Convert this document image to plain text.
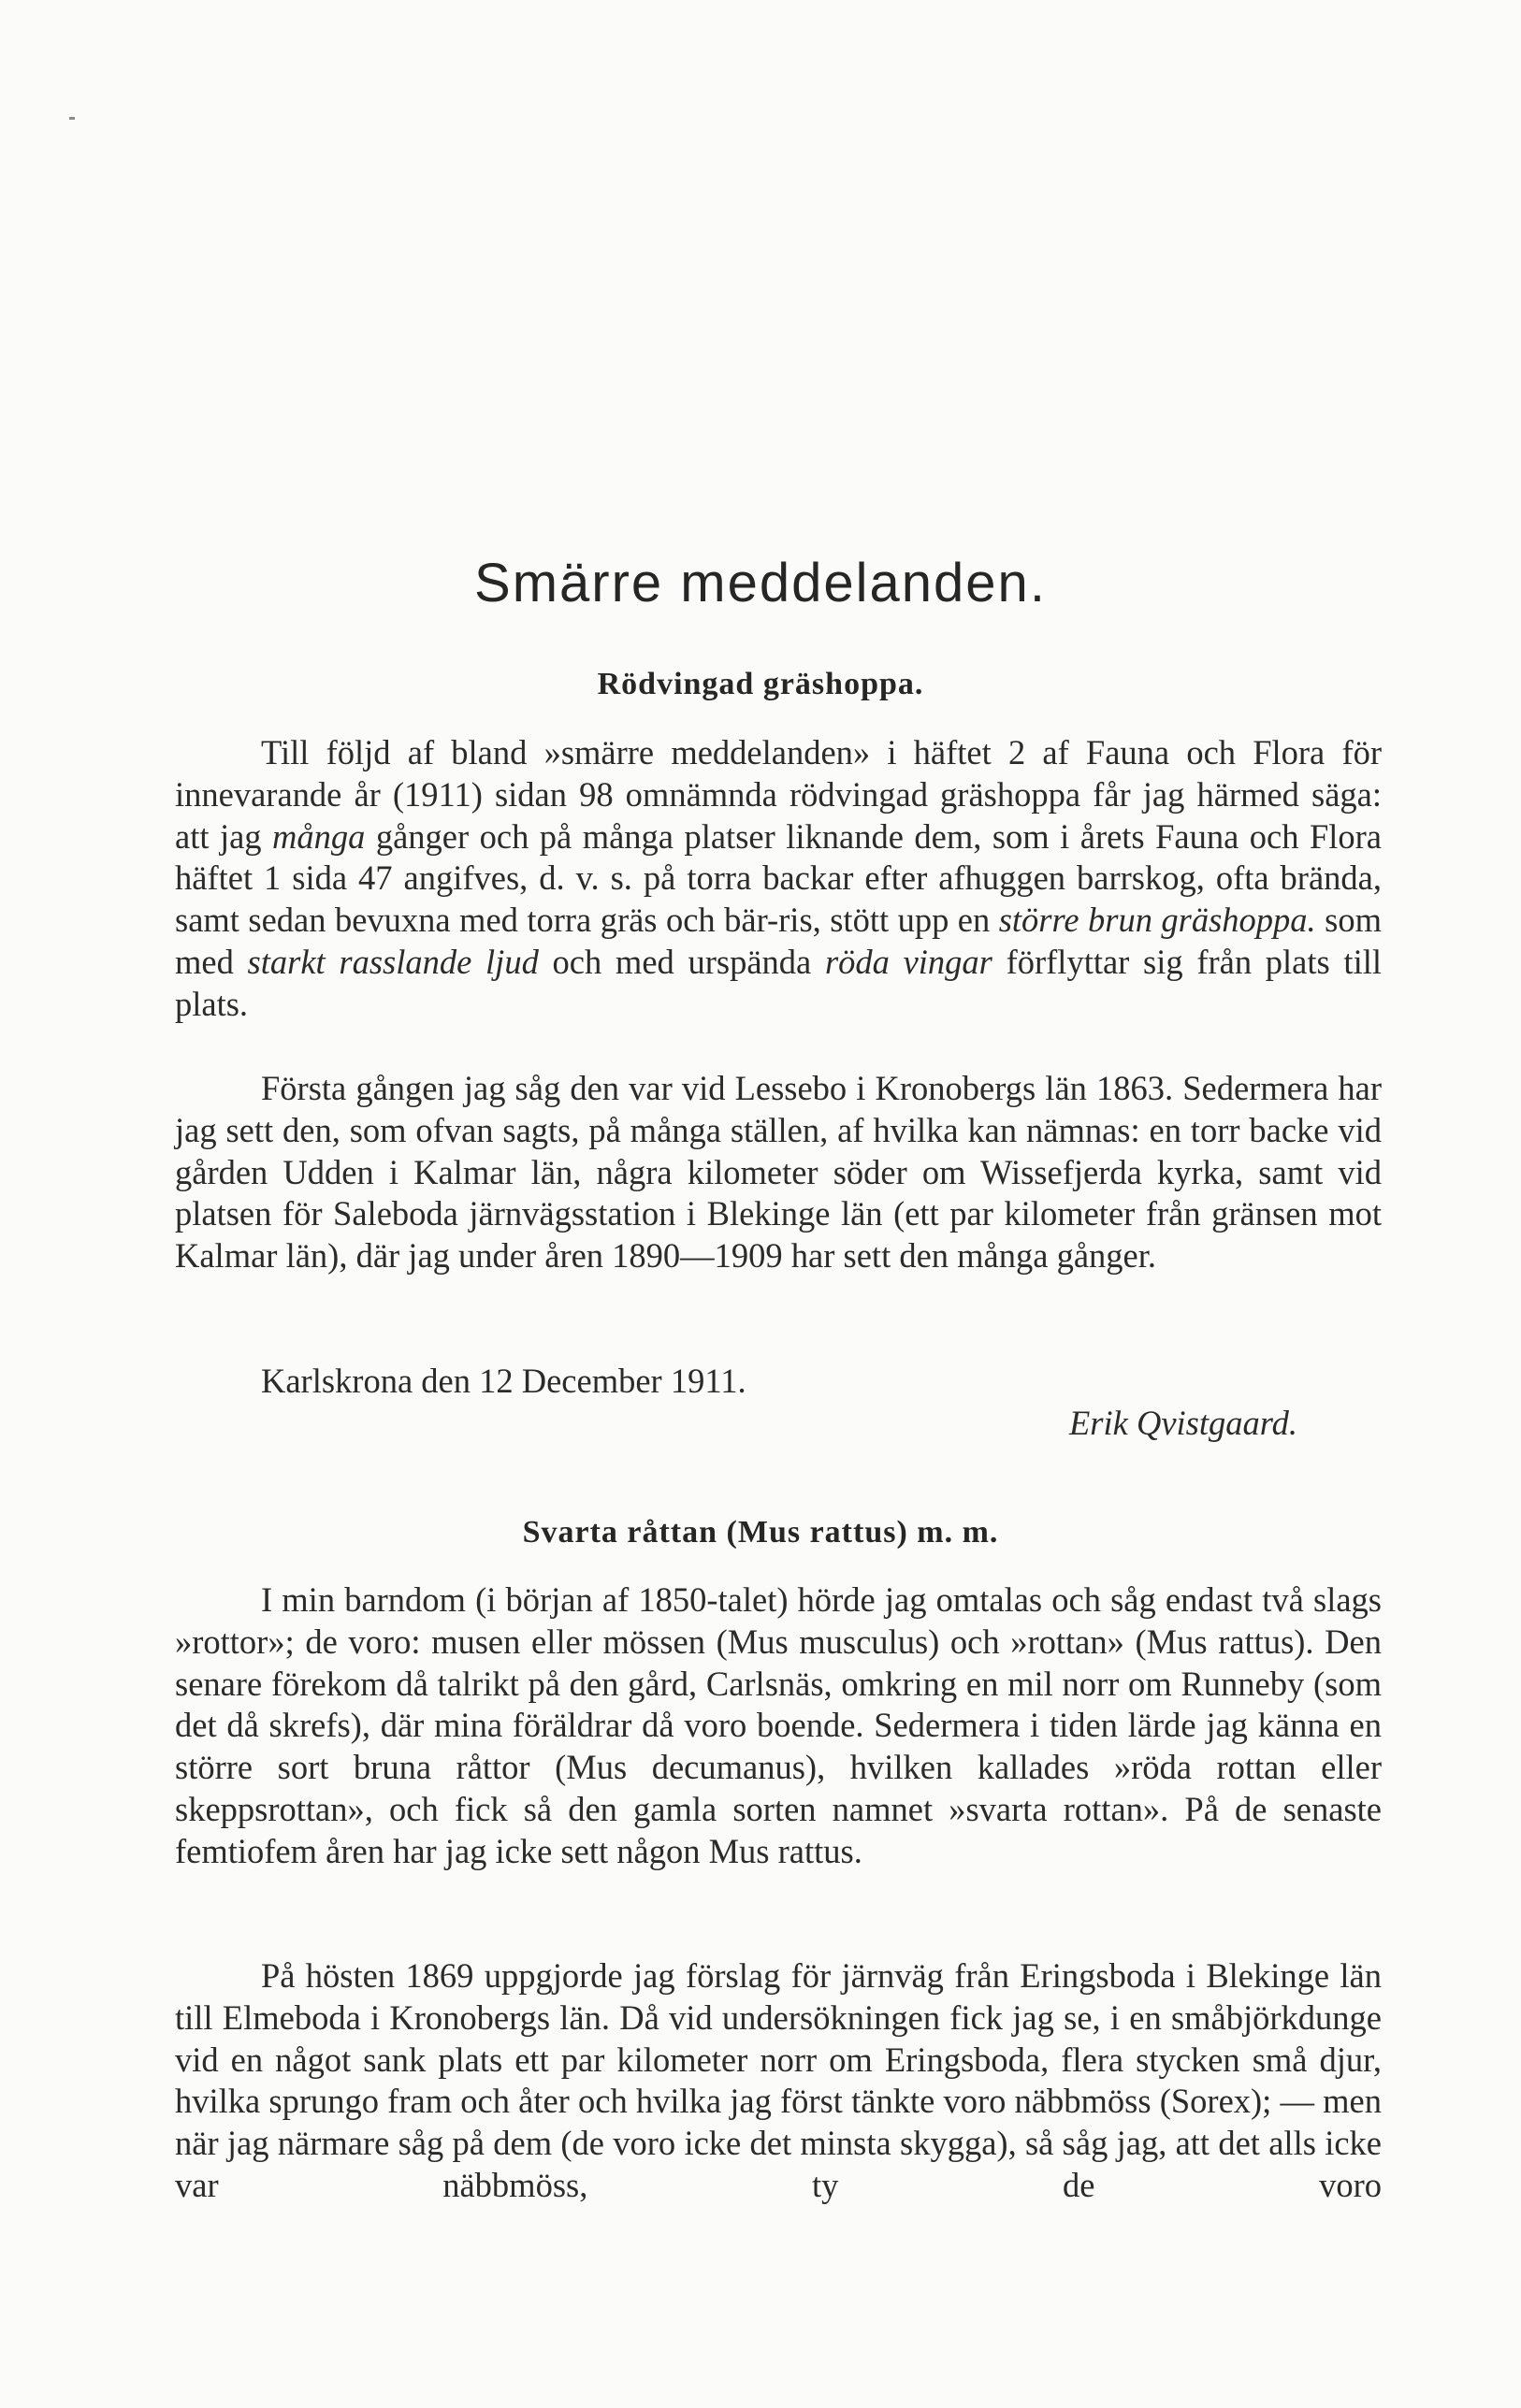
Smärre meddelanden.
Rödvingad gräshoppa.

Till följd af bland »smärre meddelanden» i häftet 2 af Fauna och Flora för innevarande år (1911) sidan 98 omnämnda rödvingad gräshoppa får jag härmed säga: att jag många gånger och på många platser liknande dem, som i årets Fauna och Flora häftet 1 sida 47 angifves, d. v. s. på torra backar efter afhuggen barrskog, ofta brända, samt sedan bevuxna med torra gräs och bär-ris, stött upp en större brun gräshoppa. som med starkt rasslande ljud och med urspända röda vingar förflyttar sig från plats till plats.

Första gången jag såg den var vid Lessebo i Kronobergs län 1863. Sedermera har jag sett den, som ofvan sagts, på många ställen, af hvilka kan nämnas: en torr backe vid gården Udden i Kalmar län, några kilometer söder om Wissefjerda kyrka, samt vid platsen för Saleboda järnvägsstation i Blekinge län (ett par kilometer från gränsen mot Kalmar län), där jag under åren 1890—1909 har sett den många gånger.

Karlskrona den 12 December 1911.

Erik Qvistgaard.
Svarta råttan (Mus rattus) m. m.

I min barndom (i början af 1850-talet) hörde jag omtalas och såg endast två slags »rottor»; de voro: musen eller mössen (Mus musculus) och »rottan» (Mus rattus). Den senare förekom då talrikt på den gård, Carlsnäs, omkring en mil norr om Runneby (som det då skrefs), där mina föräldrar då voro boende. Sedermera i tiden lärde jag känna en större sort bruna råttor (Mus decumanus), hvilken kallades »röda rottan eller skeppsrottan», och fick så den gamla sorten namnet »svarta rottan». På de senaste femtiofem åren har jag icke sett någon Mus rattus.

På hösten 1869 uppgjorde jag förslag för järnväg från Eringsboda i Blekinge län till Elmeboda i Kronobergs län. Då vid undersökningen fick jag se, i en småbjörkdunge vid en något sank plats ett par kilometer norr om Eringsboda, flera stycken små djur, hvilka sprungo fram och åter och hvilka jag först tänkte voro näbbmöss (Sorex); — men när jag närmare såg på dem (de voro icke det minsta skygga), så såg jag, att det alls icke var näbbmöss, ty de voro
